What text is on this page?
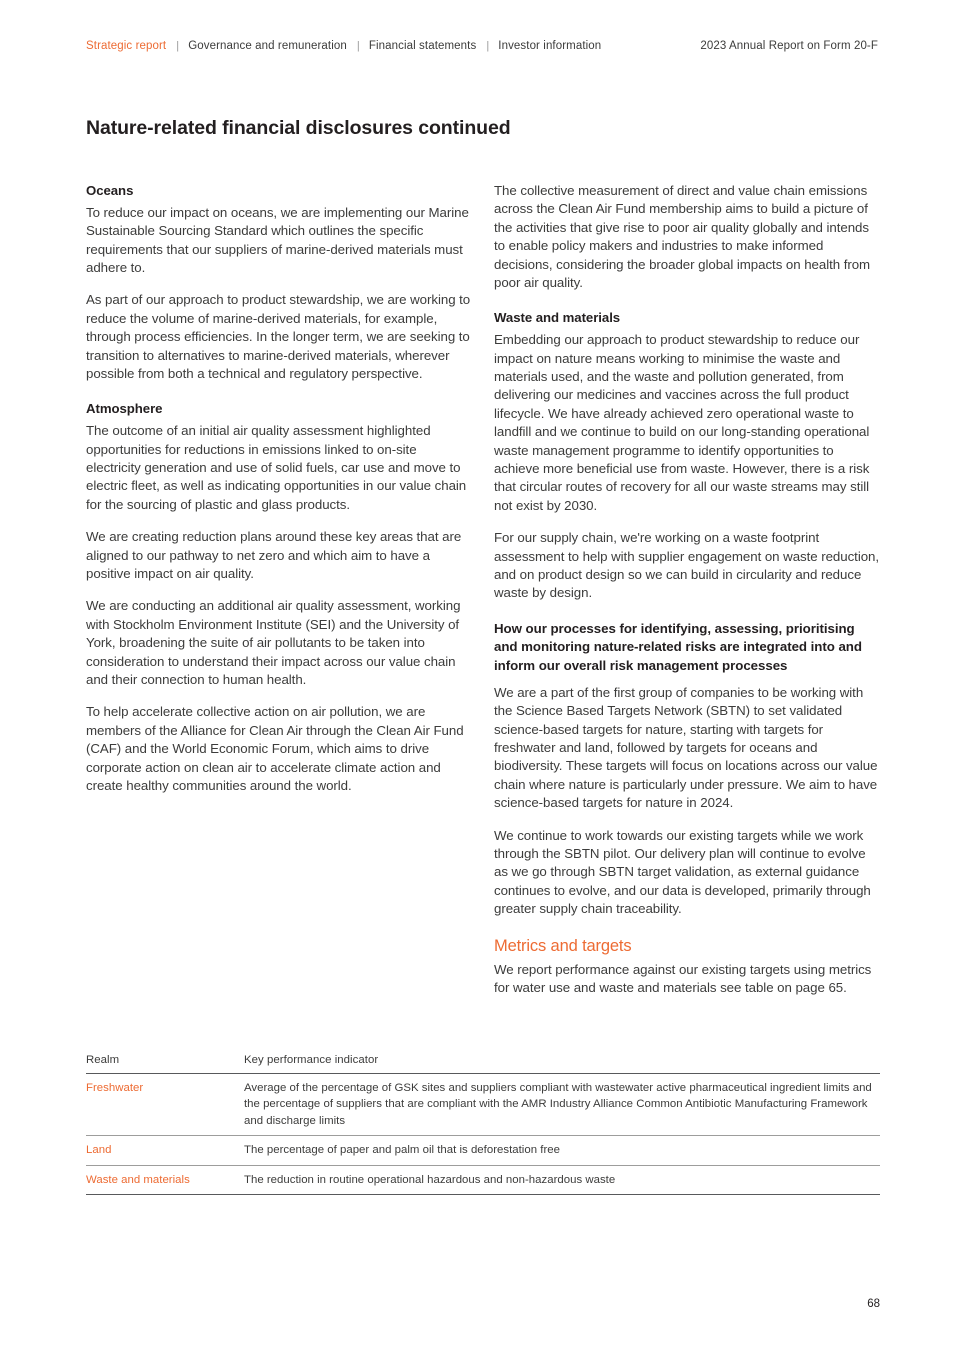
Strategic report | Governance and remuneration | Financial statements | Investor information	2023 Annual Report on Form 20-F
Nature-related financial disclosures continued
Oceans

To reduce our impact on oceans, we are implementing our Marine Sustainable Sourcing Standard which outlines the specific requirements that our suppliers of marine-derived materials must adhere to.

As part of our approach to product stewardship, we are working to reduce the volume of marine-derived materials, for example, through process efficiencies. In the longer term, we are seeking to transition to alternatives to marine-derived materials, wherever possible from both a technical and regulatory perspective.

Atmosphere

The outcome of an initial air quality assessment highlighted opportunities for reductions in emissions linked to on-site electricity generation and use of solid fuels, car use and move to electric fleet, as well as indicating opportunities in our value chain for the sourcing of plastic and glass products.

We are creating reduction plans around these key areas that are aligned to our pathway to net zero and which aim to have a positive impact on air quality.

We are conducting an additional air quality assessment, working with Stockholm Environment Institute (SEI) and the University of York, broadening the suite of air pollutants to be taken into consideration to understand their impact across our value chain and their connection to human health.

To help accelerate collective action on air pollution, we are members of the Alliance for Clean Air through the Clean Air Fund (CAF) and the World Economic Forum, which aims to drive corporate action on clean air to accelerate climate action and create healthy communities around the world.

The collective measurement of direct and value chain emissions across the Clean Air Fund membership aims to build a picture of the activities that give rise to poor air quality globally and intends to enable policy makers and industries to make informed decisions, considering the broader global impacts on health from poor air quality.

Waste and materials

Embedding our approach to product stewardship to reduce our impact on nature means working to minimise the waste and materials used, and the waste and pollution generated, from delivering our medicines and vaccines across the full product lifecycle. We have already achieved zero operational waste to landfill and we continue to build on our long-standing operational waste management programme to identify opportunities to achieve more beneficial use from waste. However, there is a risk that circular routes of recovery for all our waste streams may still not exist by 2030.

For our supply chain, we're working on a waste footprint assessment to help with supplier engagement on waste reduction, and on product design so we can build in circularity and reduce waste by design.

How our processes for identifying, assessing, prioritising and monitoring nature-related risks are integrated into and inform our overall risk management processes

We are a part of the first group of companies to be working with the Science Based Targets Network (SBTN) to set validated science-based targets for nature, starting with targets for freshwater and land, followed by targets for oceans and biodiversity. These targets will focus on locations across our value chain where nature is particularly under pressure. We aim to have science-based targets for nature in 2024.

We continue to work towards our existing targets while we work through the SBTN pilot. Our delivery plan will continue to evolve as we go through SBTN target validation, as external guidance continues to evolve, and our data is developed, primarily through greater supply chain traceability.

Metrics and targets

We report performance against our existing targets using metrics for water use and waste and materials see table on page 65.

Realm	Key performance indicator
Freshwater	Average of the percentage of GSK sites and suppliers compliant with wastewater active pharmaceutical ingredient limits and the percentage of suppliers that are compliant with the AMR Industry Alliance Common Antibiotic Manufacturing Framework and discharge limits
Land	The percentage of paper and palm oil that is deforestation free
Waste and materials	The reduction in routine operational hazardous and non-hazardous waste
68
